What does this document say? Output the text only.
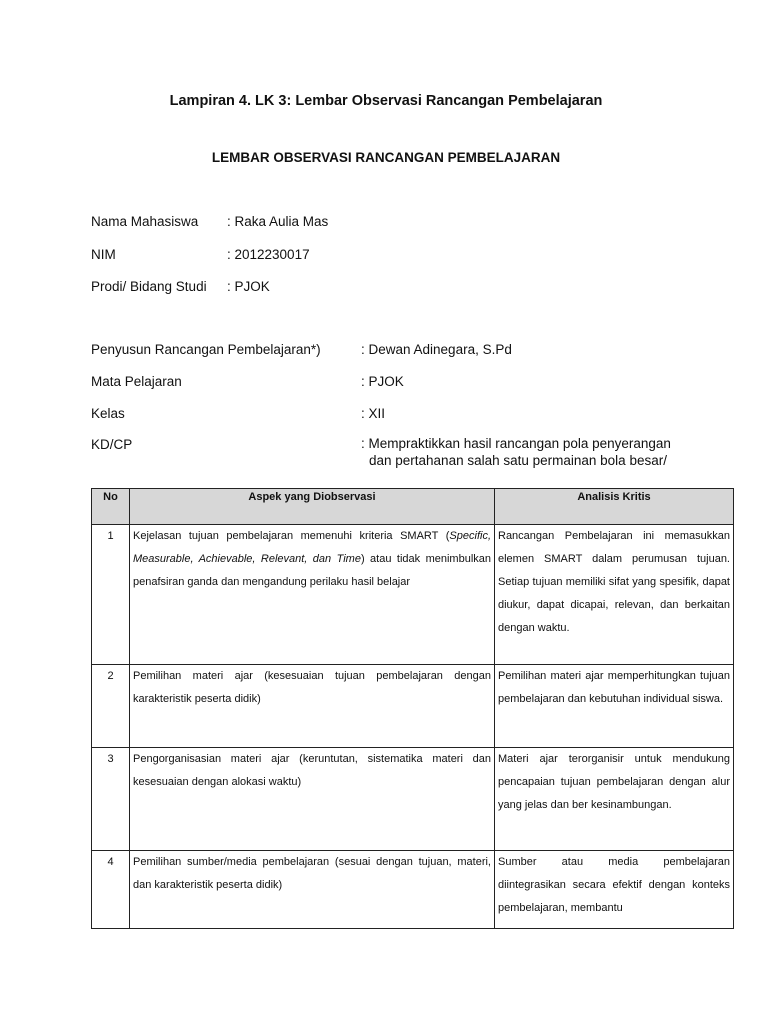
Lampiran 4. LK 3: Lembar Observasi Rancangan Pembelajaran
LEMBAR OBSERVASI RANCANGAN PEMBELAJARAN
Nama Mahasiswa : Raka Aulia Mas
NIM	: 2012230017
Prodi/ Bidang Studi : PJOK
Penyusun Rancangan Pembelajaran*)	: Dewan Adinegara, S.Pd
Mata Pelajaran	: PJOK
Kelas	: XII
KD/CP	: Mempraktikkan hasil rancangan pola penyerangan
dan pertahanan salah satu permainan bola besar/
No	Aspek yang Diobservasi	Analisis Kritis
1	Kejelasan tujuan pembelajaran memenuhi kriteria SMART (Specific, Measurable, Achievable, Relevant, dan Time) atau tidak menimbulkan penafsiran ganda dan mengandung perilaku hasil belajar	Rancangan Pembelajaran ini memasukkan elemen SMART dalam perumusan tujuan. Setiap tujuan memiliki sifat yang spesifik, dapat diukur, dapat dicapai, relevan, dan berkaitan dengan waktu.
2	Pemilihan materi ajar (kesesuaian tujuan pembelajaran dengan karakteristik peserta didik)	Pemilihan materi ajar memperhitungkan tujuan pembelajaran dan kebutuhan individual siswa.
3	Pengorganisasian materi ajar (keruntutan, sistematika materi dan kesesuaian dengan alokasi waktu)	Materi ajar terorganisir untuk mendukung pencapaian tujuan pembelajaran dengan alur yang jelas dan ber kesinambungan.
4	Pemilihan sumber/media pembelajaran (sesuai dengan tujuan, materi, dan karakteristik peserta didik)	Sumber atau media pembelajaran diintegrasikan secara efektif dengan konteks pembelajaran, membantu
